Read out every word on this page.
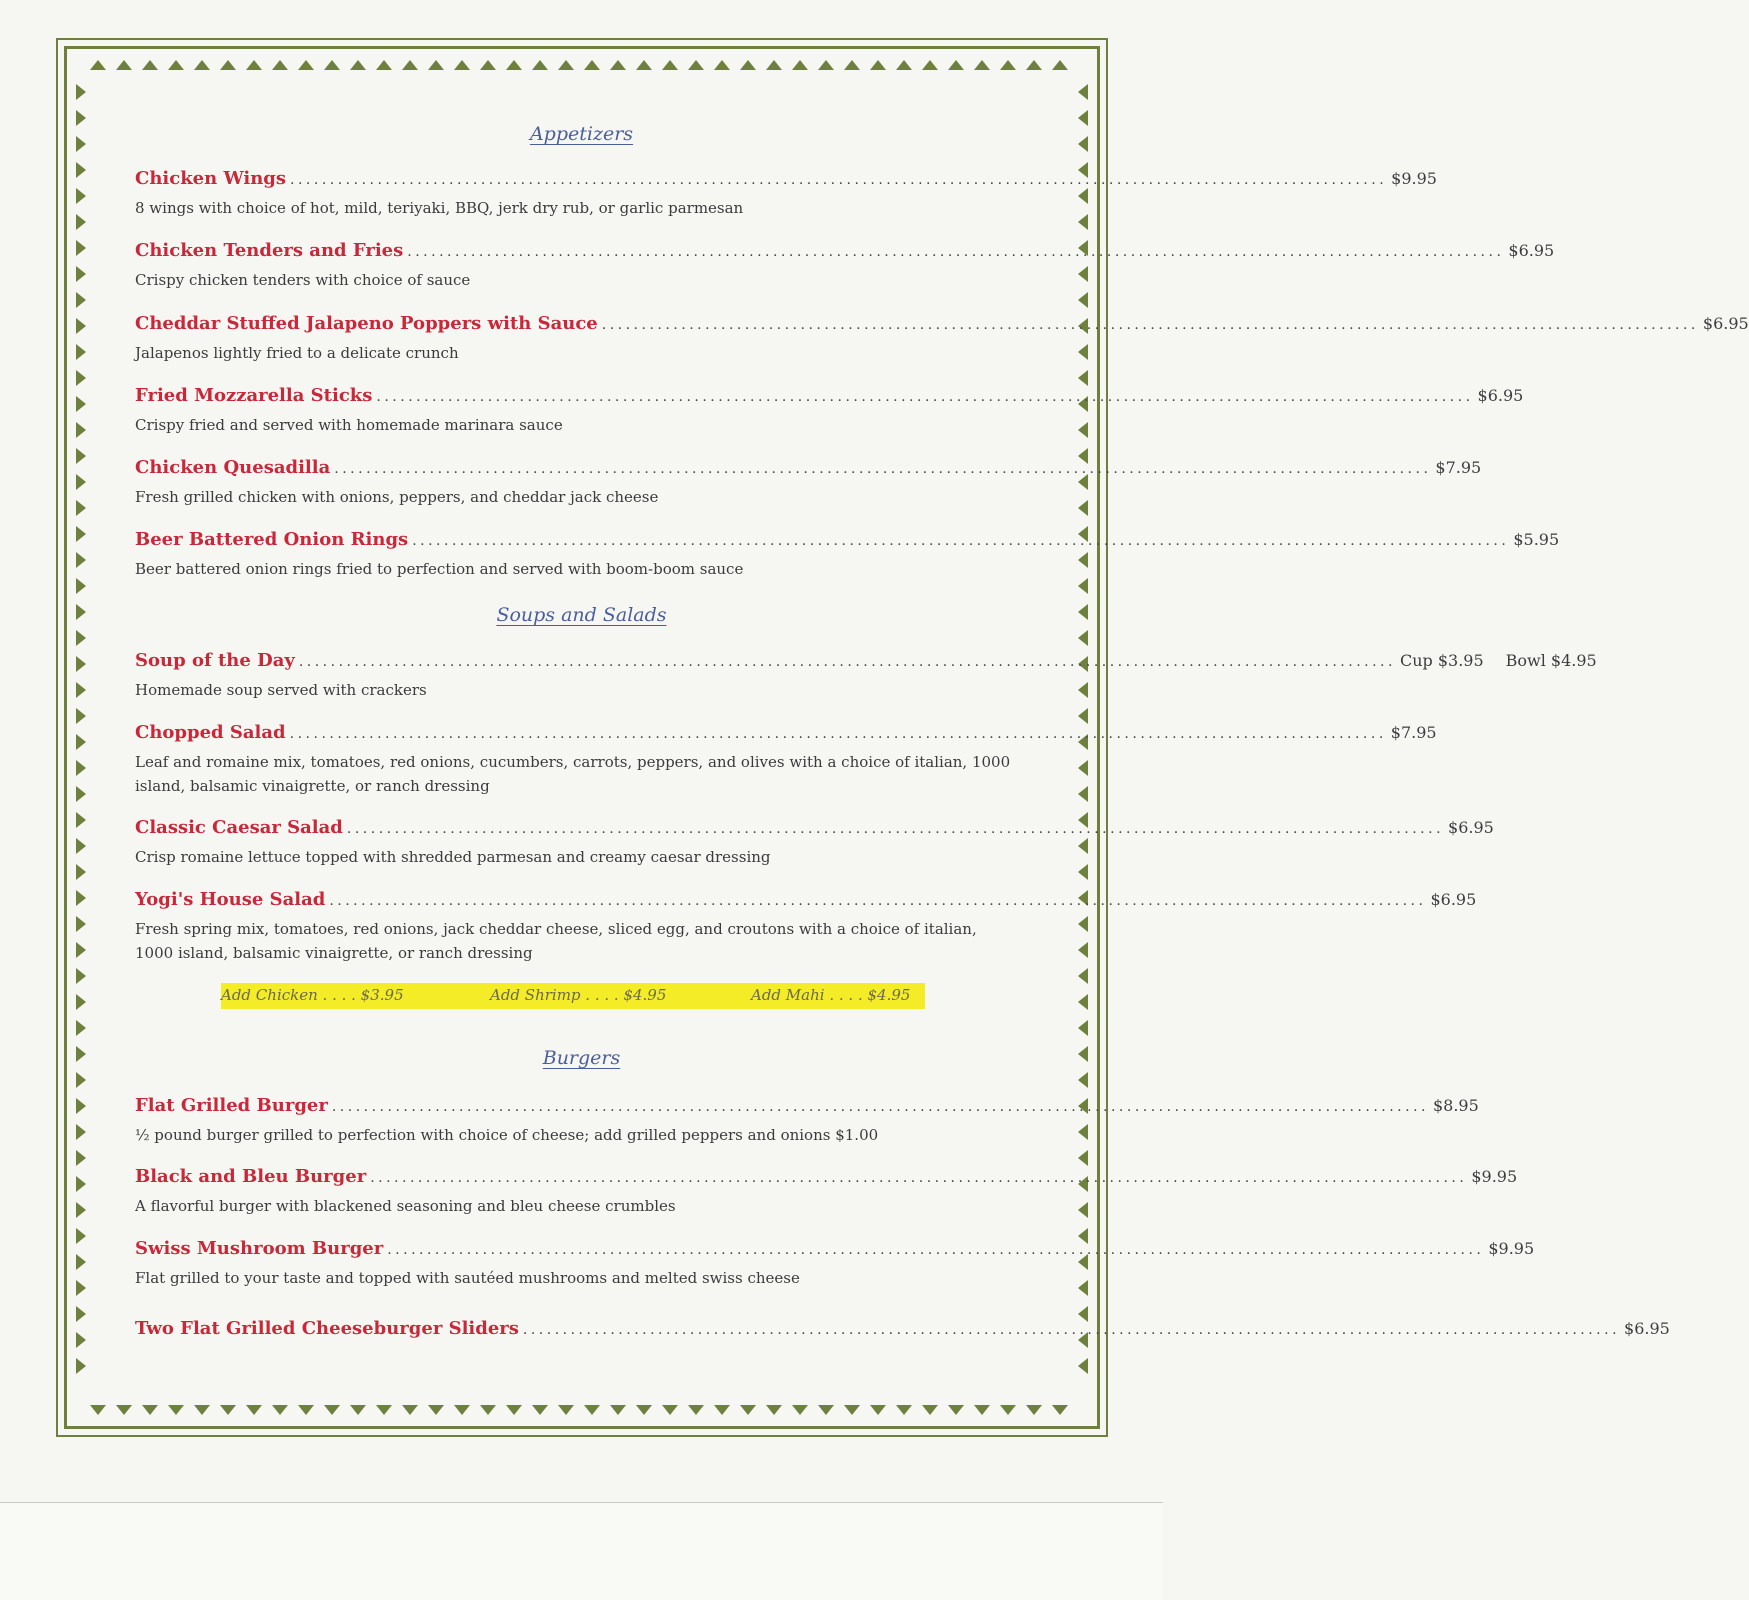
Appetizers
Chicken Wings .......................................................................................................................................... $9.95
8 wings with choice of hot, mild, teriyaki, BBQ, jerk dry rub, or garlic parmesan
Chicken Tenders and Fries .......................................................................................................................................... $6.95
Crispy chicken tenders with choice of sauce
Cheddar Stuffed Jalapeno Poppers with Sauce .......................................................................................................................................... $6.95
Jalapenos lightly fried to a delicate crunch
Fried Mozzarella Sticks .......................................................................................................................................... $6.95
Crispy fried and served with homemade marinara sauce
Chicken Quesadilla .......................................................................................................................................... $7.95
Fresh grilled chicken with onions, peppers, and cheddar jack cheese
Beer Battered Onion Rings .......................................................................................................................................... $5.95
Beer battered onion rings fried to perfection and served with boom-boom sauce
Soups and Salads
Soup of the Day .......................................................................................................................................... Cup $3.95 Bowl $4.95
Homemade soup served with crackers
Chopped Salad .......................................................................................................................................... $7.95
Leaf and romaine mix, tomatoes, red onions, cucumbers, carrots, peppers, and olives with a choice of italian, 1000 island, balsamic vinaigrette, or ranch dressing
Classic Caesar Salad .......................................................................................................................................... $6.95
Crisp romaine lettuce topped with shredded parmesan and creamy caesar dressing
Yogi's House Salad .......................................................................................................................................... $6.95
Fresh spring mix, tomatoes, red onions, jack cheddar cheese, sliced egg, and croutons with a choice of italian, 1000 island, balsamic vinaigrette, or ranch dressing
Add Chicken . . . . $3.95	Add Shrimp . . . . $4.95	Add Mahi . . . . $4.95
Burgers
Flat Grilled Burger .......................................................................................................................................... $8.95
½ pound burger grilled to perfection with choice of cheese; add grilled peppers and onions $1.00
Black and Bleu Burger .......................................................................................................................................... $9.95
A flavorful burger with blackened seasoning and bleu cheese crumbles
Swiss Mushroom Burger .......................................................................................................................................... $9.95
Flat grilled to your taste and topped with sautéed mushrooms and melted swiss cheese
Two Flat Grilled Cheeseburger Sliders .......................................................................................................................................... $6.95
